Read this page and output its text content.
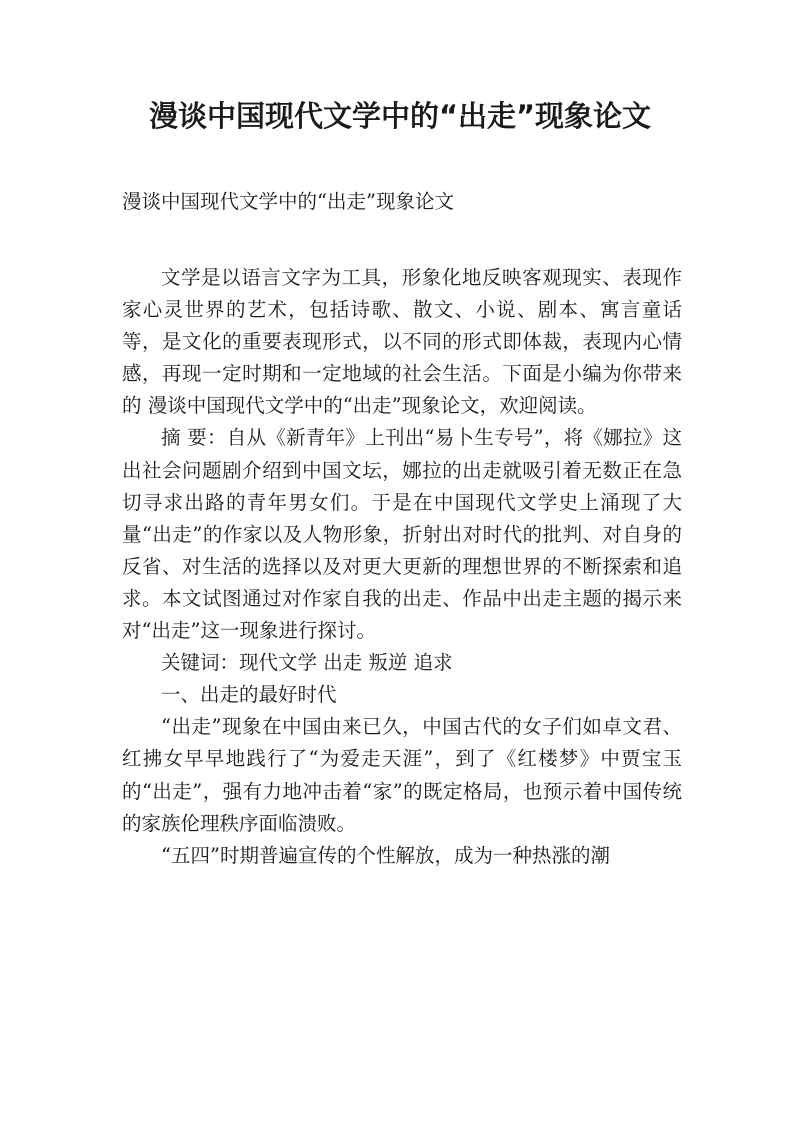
漫谈中国现代文学中的“出走”现象论文

漫谈中国现代文学中的“出走”现象论文

文学是以语言文字为工具，形象化地反映客观现实、表现作家心灵世界的艺术，包括诗歌、散文、小说、剧本、寓言童话等，是文化的重要表现形式，以不同的形式即体裁，表现内心情感，再现一定时期和一定地域的社会生活。下面是小编为你带来的 漫谈中国现代文学中的“出走”现象论文，欢迎阅读。

摘 要：自从《新青年》上刊出“易卜生专号”，将《娜拉》这出社会问题剧介绍到中国文坛，娜拉的出走就吸引着无数正在急切寻求出路的青年男女们。于是在中国现代文学史上涌现了大量“出走”的作家以及人物形象，折射出对时代的批判、对自身的反省、对生活的选择以及对更大更新的理想世界的不断探索和追求。本文试图通过对作家自我的出走、作品中出走主题的揭示来对“出走”这一现象进行探讨。

关键词：现代文学 出走 叛逆 追求

一、出走的最好时代

“出走”现象在中国由来已久，中国古代的女子们如卓文君、红拂女早早地践行了“为爱走天涯”，到了《红楼梦》中贾宝玉的“出走”，强有力地冲击着“家”的既定格局，也预示着中国传统的家族伦理秩序面临溃败。

“五四”时期普遍宣传的个性解放，成为一种热涨的潮
